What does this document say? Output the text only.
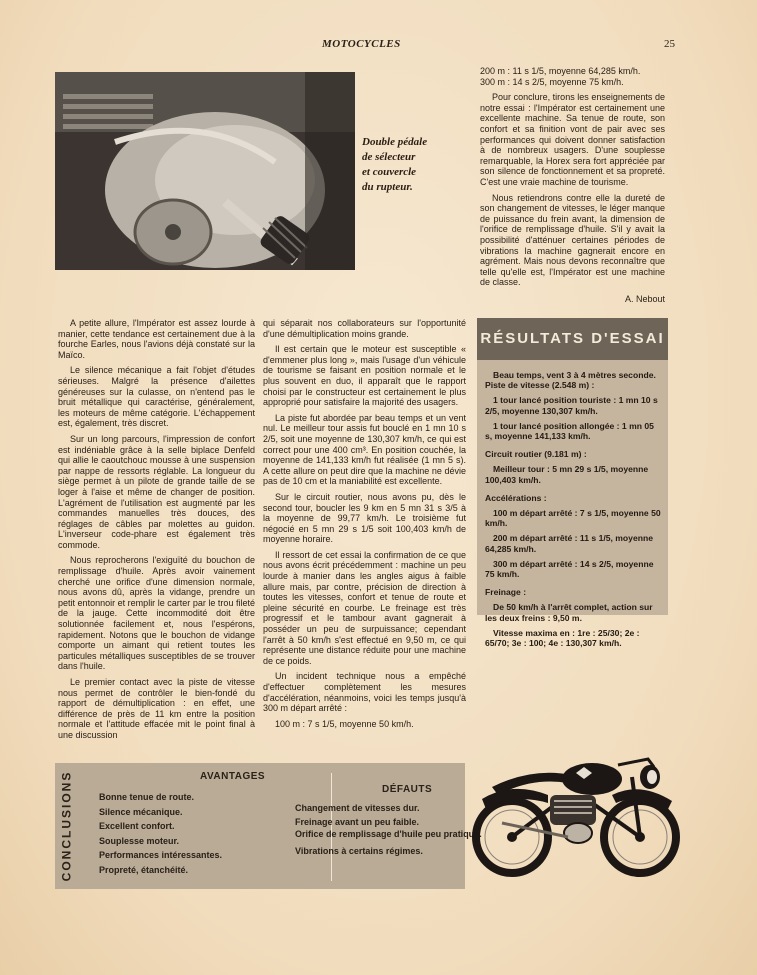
MOTOCYCLES	25
Double pédale
de sélecteur
et couvercle
du rupteur.

200 m : 11 s 1/5, moyenne 64,285 km/h.

300 m : 14 s 2/5, moyenne 75 km/h.

Pour conclure, tirons les enseignements de notre essai : l'Impérator est certainement une excellente machine. Sa tenue de route, son confort et sa finition vont de pair avec ses performances qui doivent donner satisfaction à de nombreux usagers. D'une souplesse remarquable, la Horex sera fort appréciée par son silence de fonctionnement et sa propreté. C'est une vraie machine de tourisme.

Nous retiendrons contre elle la dureté de son changement de vitesses, le léger manque de puissance du frein avant, la dimension de l'orifice de remplissage d'huile. S'il y avait la possibilité d'atténuer certaines périodes de vibrations la machine gagnerait encore en agrément. Mais nous devons reconnaître que telle qu'elle est, l'Impérator est une machine de classe.

A. Nebout

A petite allure, l'Impérator est assez lourde à manier, cette tendance est certainement due à la fourche Earles, nous l'avions déjà constaté sur la Maïco.

Le silence mécanique a fait l'objet d'études sérieuses. Malgré la présence d'ailettes généreuses sur la culasse, on n'entend pas le bruit métallique qui caractérise, généralement, les moteurs de même catégorie. L'échappement est, également, très discret.

Sur un long parcours, l'impression de confort est indéniable grâce à la selle biplace Denfeld qui allie le caoutchouc mousse à une suspension par nappe de ressorts réglable. La longueur du siège permet à un pilote de grande taille de se loger à l'aise et même de changer de position. L'agrément de l'utilisation est augmenté par les commandes manuelles très douces, des réglages de câbles par molettes au guidon. L'inverseur code-phare est également très commode.

Nous reprocherons l'exiguïté du bouchon de remplissage d'huile. Après avoir vainement cherché une orifice d'une dimension normale, nous avons dû, après la vidange, prendre un petit entonnoir et remplir le carter par le trou fileté de la jauge. Cette incommodité doit être solutionnée facilement et, nous l'espérons, rapidement. Notons que le bouchon de vidange comporte un aimant qui retient toutes les particules métalliques susceptibles de se trouver dans l'huile.

Le premier contact avec la piste de vitesse nous permet de contrôler le bien-fondé du rapport de démultiplication : en effet, une différence de près de 11 km entre la position normale et l'attitude effacée mit le point final à une discussion

qui séparait nos collaborateurs sur l'opportunité d'une démultiplication moins grande.

Il est certain que le moteur est susceptible « d'emmener plus long », mais l'usage d'un véhicule de tourisme se faisant en position normale et le plus souvent en duo, il apparaît que le rapport choisi par le constructeur est certainement le plus approprié pour satisfaire la majorité des usagers.

La piste fut abordée par beau temps et un vent nul. Le meilleur tour assis fut bouclé en 1 mn 10 s 2/5, soit une moyenne de 130,307 km/h, ce qui est correct pour une 400 cm³. En position couchée, la moyenne de 141,133 km/h fut réalisée (1 mn 5 s). A cette allure on peut dire que la machine ne dévie pas de 10 cm et la maniabilité est excellente.

Sur le circuit routier, nous avons pu, dès le second tour, boucler les 9 km en 5 mn 31 s 3/5 à la moyenne de 99,77 km/h. Le troisième fut négocié en 5 mn 29 s 1/5 soit 100,403 km/h de moyenne horaire.

Il ressort de cet essai la confirmation de ce que nous avons écrit précédemment : machine un peu lourde à manier dans les angles aigus à faible allure mais, par contre, précision de direction à toutes les vitesses, confort et tenue de route et pleine sécurité en courbe. Le freinage est très progressif et le tambour avant gagnerait à posséder un peu de surpuissance; cependant l'arrêt à 50 km/h s'est effectué en 9,50 m, ce qui représente une distance réduite pour une machine de ce poids.

Un incident technique nous a empêché d'effectuer complètement les mesures d'accélération, néanmoins, voici les temps jusqu'à 300 m départ arrêté :

100 m : 7 s 1/5, moyenne 50 km/h.

RÉSULTATS D'ESSAI

Beau temps, vent 3 à 4 mètres seconde. Piste de vitesse (2.548 m) :

1 tour lancé position touriste : 1 mn 10 s 2/5, moyenne 130,307 km/h.

1 tour lancé position allongée : 1 mn 05 s, moyenne 141,133 km/h.

Circuit routier (9.181 m) :

Meilleur tour : 5 mn 29 s 1/5, moyenne 100,403 km/h.

Accélérations :

100 m départ arrêté : 7 s 1/5, moyenne 50 km/h.

200 m départ arrêté : 11 s 1/5, moyenne 64,285 km/h.

300 m départ arrêté : 14 s 2/5, moyenne 75 km/h.

Freinage :

De 50 km/h à l'arrêt complet, action sur les deux freins : 9,50 m.

Vitesse maxima en : 1re : 25/30; 2e : 65/70; 3e : 100; 4e : 130,307 km/h.

CONCLUSIONS	AVANTAGES
Bonne tenue de route.
Silence mécanique.
Excellent confort.
Souplesse moteur.
Performances intéressantes.
Propreté, étanchéité.
DÉFAUTS
Changement de vitesses dur.
Freinage avant un peu faible.
Orifice de remplissage d'huile peu pratique.
Vibrations à certains régimes.
